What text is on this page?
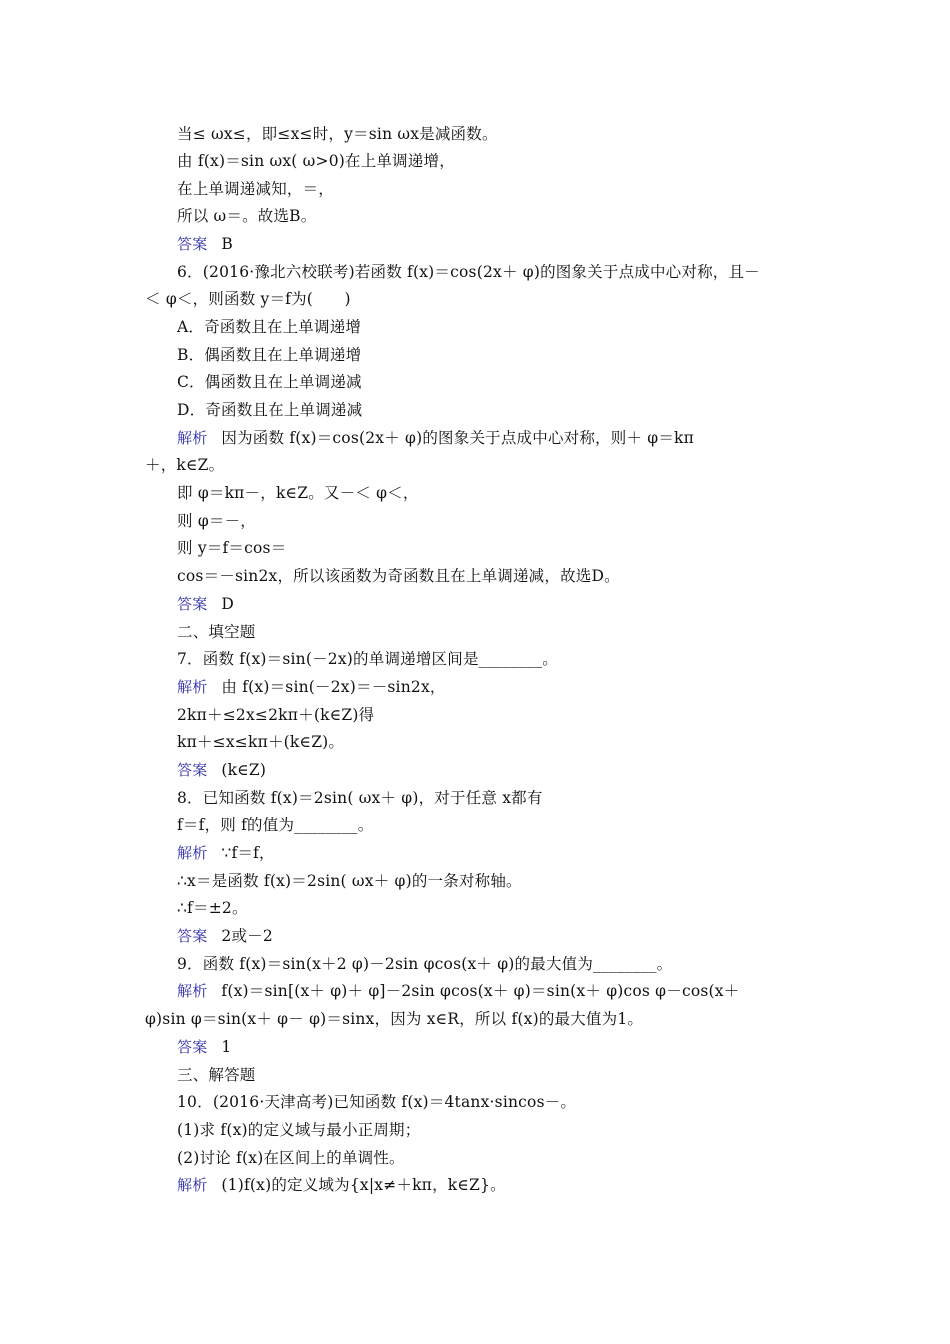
当≤ ωx≤，即≤x≤时，y＝sin ωx是减函数。
由 f(x)＝sin ωx( ω>0)在上单调递增，
在上单调递减知，＝，
所以 ω＝。故选B。
答案 B
6．(2016·豫北六校联考)若函数 f(x)＝cos(2x＋ φ)的图象关于点成中心对称，且－
＜ φ＜，则函数 y＝f为(　　)
A．奇函数且在上单调递增
B．偶函数且在上单调递增
C．偶函数且在上单调递减
D．奇函数且在上单调递减
解析 因为函数 f(x)＝cos(2x＋ φ)的图象关于点成中心对称，则＋ φ＝kπ
＋，k∈Z。
即 φ＝kπ－，k∈Z。又－＜ φ＜，
则 φ＝－，
则 y＝f＝cos＝
cos＝－sin2x，所以该函数为奇函数且在上单调递减，故选D。
答案 D
二、填空题
7．函数 f(x)＝sin(－2x)的单调递增区间是________。
解析 由 f(x)＝sin(－2x)＝－sin2x，
2kπ＋≤2x≤2kπ＋(k∈Z)得
kπ＋≤x≤kπ＋(k∈Z)。
答案 (k∈Z)
8．已知函数 f(x)＝2sin( ωx＋ φ)，对于任意 x都有
f＝f，则 f的值为________。
解析 ∵f＝f，
∴x＝是函数 f(x)＝2sin( ωx＋ φ)的一条对称轴。
∴f＝±2。
答案 2或－2
9．函数 f(x)＝sin(x＋2 φ)－2sin φcos(x＋ φ)的最大值为________。
解析 f(x)＝sin[(x＋ φ)＋ φ]－2sin φcos(x＋ φ)＝sin(x＋ φ)cos φ－cos(x＋
φ)sin φ＝sin(x＋ φ－ φ)＝sinx，因为 x∈R，所以 f(x)的最大值为1。
答案 1
三、解答题
10．(2016·天津高考)已知函数 f(x)＝4tanx·sincos－。
(1)求 f(x)的定义域与最小正周期；
(2)讨论 f(x)在区间上的单调性。
解析 (1)f(x)的定义域为{x|x≠＋kπ，k∈Z}。
